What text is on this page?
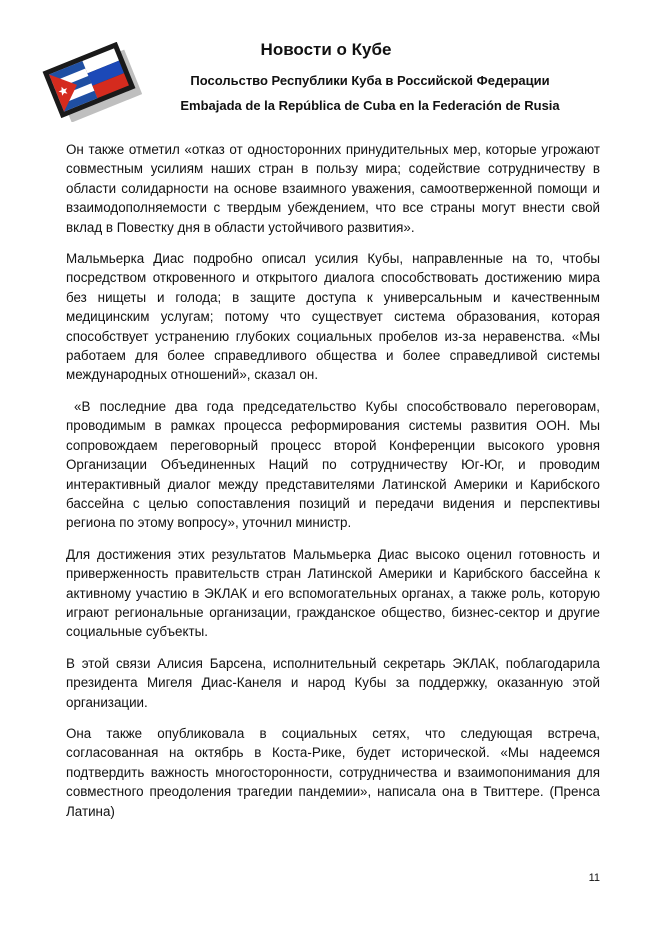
Новости о Кубе

Посольство Республики Куба в Российской Федерации

Embajada de la República de Cuba en la Federación de Rusia

Он также отметил «отказ от односторонних принудительных мер, которые угрожают совместным усилиям наших стран в пользу мира; содействие сотрудничеству в области солидарности на основе взаимного уважения, самоотверженной помощи и взаимодополняемости с твердым убеждением, что все страны могут внести свой вклад в Повестку дня в области устойчивого развития».

Мальмьерка Диас подробно описал усилия Кубы, направленные на то, чтобы посредством откровенного и открытого диалога способствовать достижению мира без нищеты и голода; в защите доступа к универсальным и качественным медицинским услугам; потому что существует система образования, которая способствует устранению глубоких социальных пробелов из-за неравенства. «Мы работаем для более справедливого общества и более справедливой системы международных отношений», сказал он.

«В последние два года председательство Кубы способствовало переговорам, проводимым в рамках процесса реформирования системы развития ООН. Мы сопровождаем переговорный процесс второй Конференции высокого уровня Организации Объединенных Наций по сотрудничеству Юг-Юг, и проводим интерактивный диалог между представителями Латинской Америки и Карибского бассейна с целью сопоставления позиций и передачи видения и перспективы региона по этому вопросу», уточнил министр.

Для достижения этих результатов Мальмьерка Диас высоко оценил готовность и приверженность правительств стран Латинской Америки и Карибского бассейна к активному участию в ЭКЛАК и его вспомогательных органах, а также роль, которую играют региональные организации, гражданское общество, бизнес-сектор и другие социальные субъекты.

В этой связи Алисия Барсена, исполнительный секретарь ЭКЛАК, поблагодарила президента Мигеля Диас-Канеля и народ Кубы за поддержку, оказанную этой организации.

Она также опубликовала в социальных сетях, что следующая встреча, согласованная на октябрь в Коста-Рике, будет исторической. «Мы надеемся подтвердить важность многосторонности, сотрудничества и взаимопонимания для совместного преодоления трагедии пандемии», написала она в Твиттере. (Пренса Латина)

11
